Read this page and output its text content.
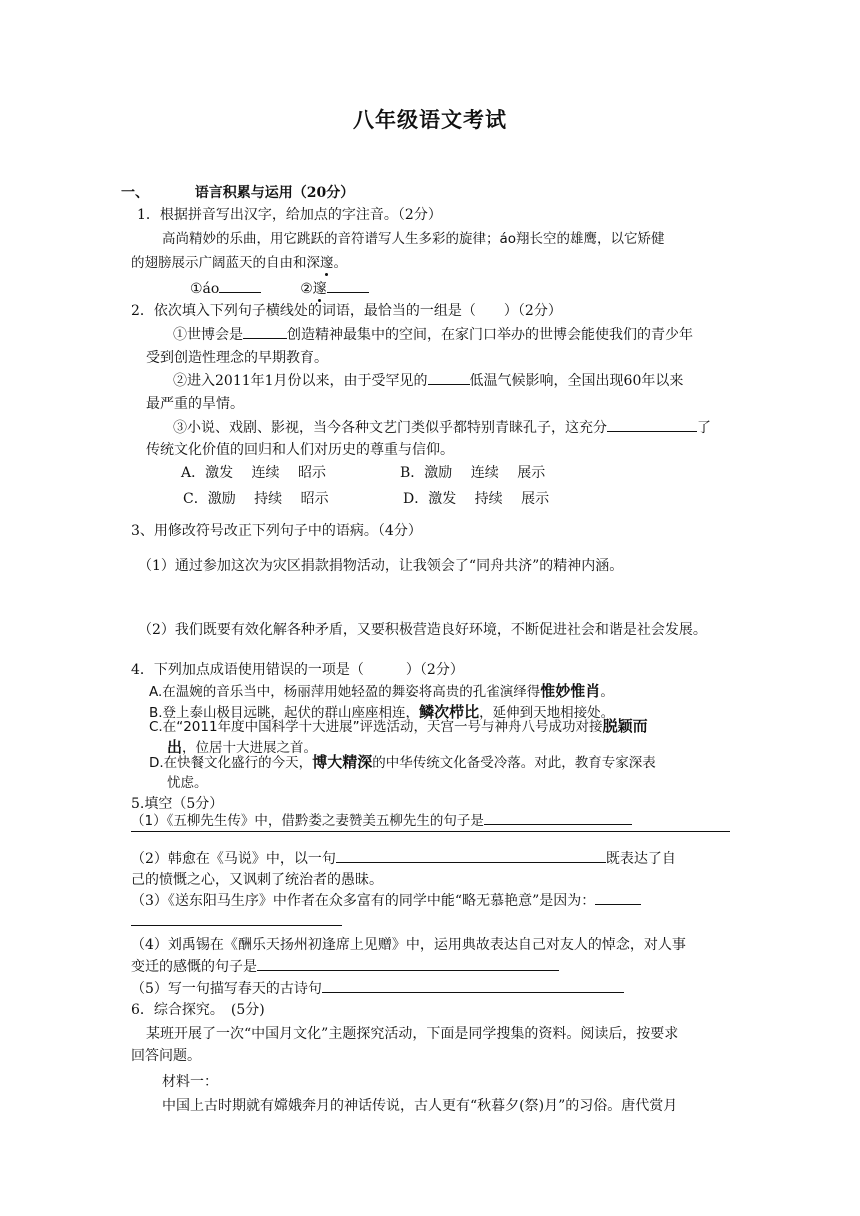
八年级语文考试
一、	语言积累与运用（20分）
1．根据拼音写出汉字，给加点的字注音。（2分）
高尚精妙的乐曲，用它跳跃的音符谱写人生多彩的旋律；áo翔长空的雄鹰，以它矫健
的翅膀展示广阔蓝天的自由和深邃。
①áo	②邃
2．依次填入下列句子横线处的词语，最恰当的一组是（　　）（2分）
①世博会是	创造精神最集中的空间，在家门口举办的世博会能使我们的青少年
受到创造性理念的早期教育。
②进入2011年1月份以来，由于受罕见的	低温气候影响，全国出现60年以来
最严重的旱情。
③小说、戏剧、影视，当今各种文艺门类似乎都特别青睐孔子，这充分	了
传统文化价值的回归和人们对历史的尊重与信仰。
A．激发　 连续　 昭示	B．激励　 连续　 展示
C．激励　 持续　 昭示	D．激发　 持续　 展示
3、用修改符号改正下列句子中的语病。（4分）
（1）通过参加这次为灾区捐款捐物活动，让我领会了“同舟共济”的精神内涵。
（2）我们既要有效化解各种矛盾，又要积极营造良好环境，不断促进社会和谐是社会发展。
4．下列加点成语使用错误的一项是（　　　）（2分）
A.在温婉的音乐当中，杨丽萍用她轻盈的舞姿将高贵的孔雀演绎得惟妙惟肖。
B.登上泰山极目远眺，起伏的群山座座相连，鳞次栉比，延伸到天地相接处。
C.在“2011年度中国科学十大进展”评选活动，天宫一号与神舟八号成功对接脱颖而
出，位居十大进展之首。
D.在快餐文化盛行的今天，博大精深的中华传统文化备受冷落。对此，教育专家深表
忧虑。
5.填空（5分）
（1）《五柳先生传》中，借黔娄之妻赞美五柳先生的句子是
（2）韩愈在《马说》中，以一句	既表达了自
己的愤慨之心，又讽刺了统治者的愚昧。
（3）《送东阳马生序》中作者在众多富有的同学中能“略无慕艳意”是因为：
（4）刘禹锡在《酬乐天扬州初逢席上见赠》中，运用典故表达自己对友人的悼念，对人事
变迁的感慨的句子是
（5）写一句描写春天的古诗句
6．综合探究。　(5分)
某班开展了一次“中国月文化”主题探究活动，下面是同学搜集的资料。阅读后，按要求
回答问题。
材料一：
中国上古时期就有嫦娥奔月的神话传说，古人更有“秋暮夕(祭)月”的习俗。唐代赏月
